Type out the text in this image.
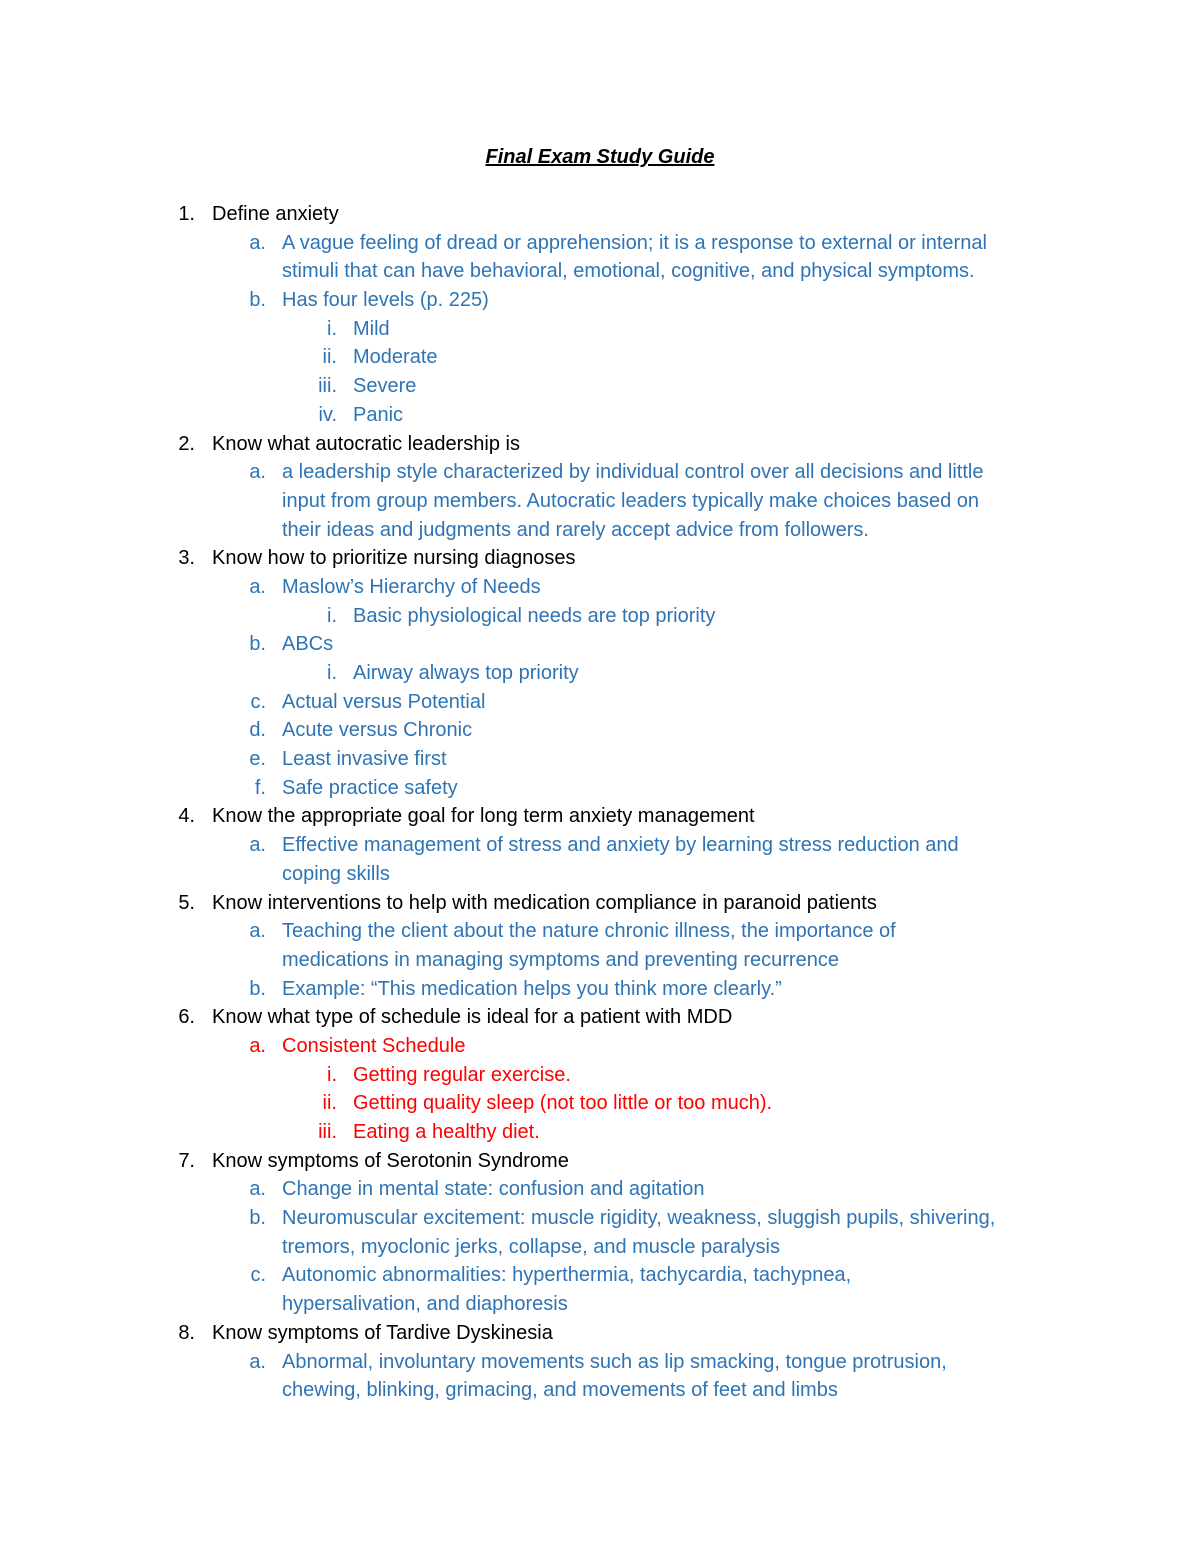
Final Exam Study Guide
1. Define anxiety
a. A vague feeling of dread or apprehension; it is a response to external or internal
stimuli that can have behavioral, emotional, cognitive, and physical symptoms.
b. Has four levels (p. 225)
i. Mild
ii. Moderate
iii. Severe
iv. Panic
2. Know what autocratic leadership is
a. a leadership style characterized by individual control over all decisions and little
input from group members. Autocratic leaders typically make choices based on
their ideas and judgments and rarely accept advice from followers.
3. Know how to prioritize nursing diagnoses
a. Maslow’s Hierarchy of Needs
i. Basic physiological needs are top priority
b. ABCs
i. Airway always top priority
c. Actual versus Potential
d. Acute versus Chronic
e. Least invasive first
f. Safe practice safety
4. Know the appropriate goal for long term anxiety management
a. Effective management of stress and anxiety by learning stress reduction and
coping skills
5. Know interventions to help with medication compliance in paranoid patients
a. Teaching the client about the nature chronic illness, the importance of
medications in managing symptoms and preventing recurrence
b. Example: “This medication helps you think more clearly.”
6. Know what type of schedule is ideal for a patient with MDD
a. Consistent Schedule
i. Getting regular exercise.
ii. Getting quality sleep (not too little or too much).
iii. Eating a healthy diet.
7. Know symptoms of Serotonin Syndrome
a. Change in mental state: confusion and agitation
b. Neuromuscular excitement: muscle rigidity, weakness, sluggish pupils, shivering,
tremors, myoclonic jerks, collapse, and muscle paralysis
c. Autonomic abnormalities: hyperthermia, tachycardia, tachypnea,
hypersalivation, and diaphoresis
8. Know symptoms of Tardive Dyskinesia
a. Abnormal, involuntary movements such as lip smacking, tongue protrusion,
chewing, blinking, grimacing, and movements of feet and limbs
